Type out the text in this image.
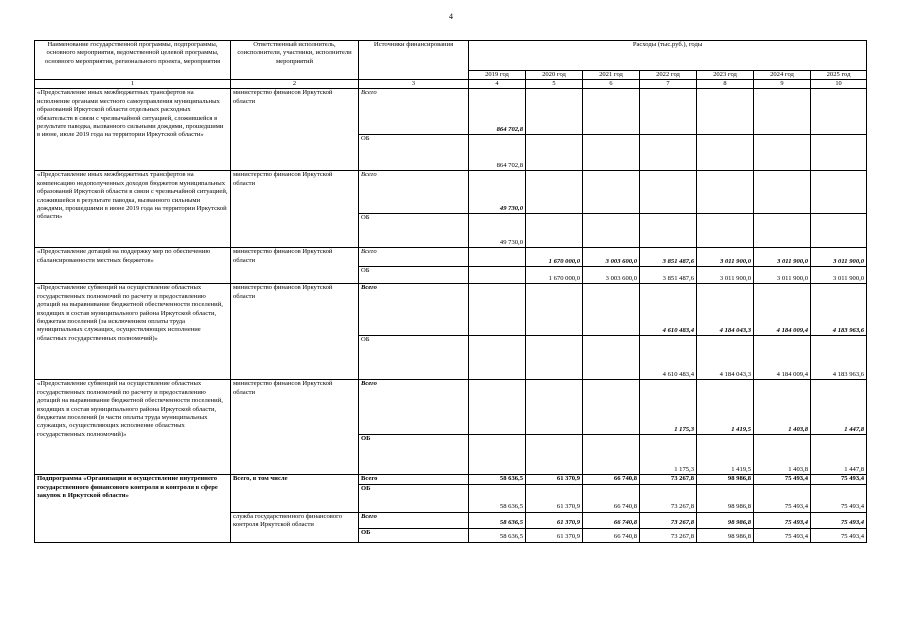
4
Наименование государственной программы, подпрограммы, основного мероприятия, ведомственной целевой программы, основного мероприятия, регионального проекта, мероприятия	Ответственный исполнитель, соисполнители, участники, исполнители мероприятий	Источники финансирования	Расходы (тыс.руб.), годы						
			2019 год	2020 год	2021 год	2022 год	2023 год	2024 год	2025 год
1	2	3	4	5	6	7	8	9	10
«Предоставление иных межбюджетных трансфертов на исполнение органами местного самоуправления муниципальных образований Иркутской области отдельных расходных обязательств в связи с чрезвычайной ситуацией, сложившейся в результате паводка, вызванного сильными дождями, прошедшими в июне, июле 2019 года на территории Иркутской области»	министерство финансов Иркутской области	Всего	864 702,8						
		ОБ	864 702,8						
«Предоставление иных межбюджетных трансфертов на компенсацию недополученных доходов бюджетов муниципальных образований Иркутской области в связи с чрезвычайной ситуацией, сложившейся в результате паводка, вызванного сильными дождями, прошедшими в июне 2019 года на территории Иркутской области»	министерство финансов Иркутской области	Всего	49 730,0						
		ОБ	49 730,0						
«Предоставление дотаций на поддержку мер по обеспечению сбалансированности местных бюджетов»	министерство финансов Иркутской области	Всего		1 670 000,0	3 003 600,0	3 851 487,6	3 011 900,0	3 011 900,0	3 011 900,0
		ОБ		1 670 000,0	3 003 600,0	3 851 487,6	3 011 900,0	3 011 900,0	3 011 900,0
«Предоставление субвенций на осуществление областных государственных полномочий по расчету и предоставлению дотаций на выравнивание бюджетной обеспеченности поселений, входящих в состав муниципального района Иркутской области, бюджетам поселений (за исключением оплаты труда муниципальных служащих, осуществляющих исполнение областных государственных полномочий)»	министерство финансов Иркутской области	Всего				4 610 483,4	4 184 043,3	4 184 009,4	4 183 963,6
		ОБ				4 610 483,4	4 184 043,3	4 184 009,4	4 183 963,6
«Предоставление субвенций на осуществление областных государственных полномочий по расчету и предоставлению дотаций на выравнивание бюджетной обеспеченности поселений, входящих в состав муниципального района Иркутской области, бюджетам поселений (в части оплаты труда муниципальных служащих, осуществляющих исполнение областных государственных полномочий)»	министерство финансов Иркутской области	Всего				1 175,3	1 419,5	1 403,8	1 447,8
		ОБ				1 175,3	1 419,5	1 403,8	1 447,8
Подпрограмма «Организация и осуществление внутреннего государственного финансового контроля и контроля в сфере закупок в Иркутской области»	Всего, в том числе	Всего	58 636,5	61 370,9	66 740,8	73 267,8	98 986,8	75 493,4	75 493,4
		ОБ	58 636,5	61 370,9	66 740,8	73 267,8	98 986,8	75 493,4	75 493,4
	служба государственного финансового контроля Иркутской области	Всего	58 636,5	61 370,9	66 740,8	73 267,8	98 986,8	75 493,4	75 493,4
		ОБ	58 636,5	61 370,9	66 740,8	73 267,8	98 986,8	75 493,4	75 493,4
